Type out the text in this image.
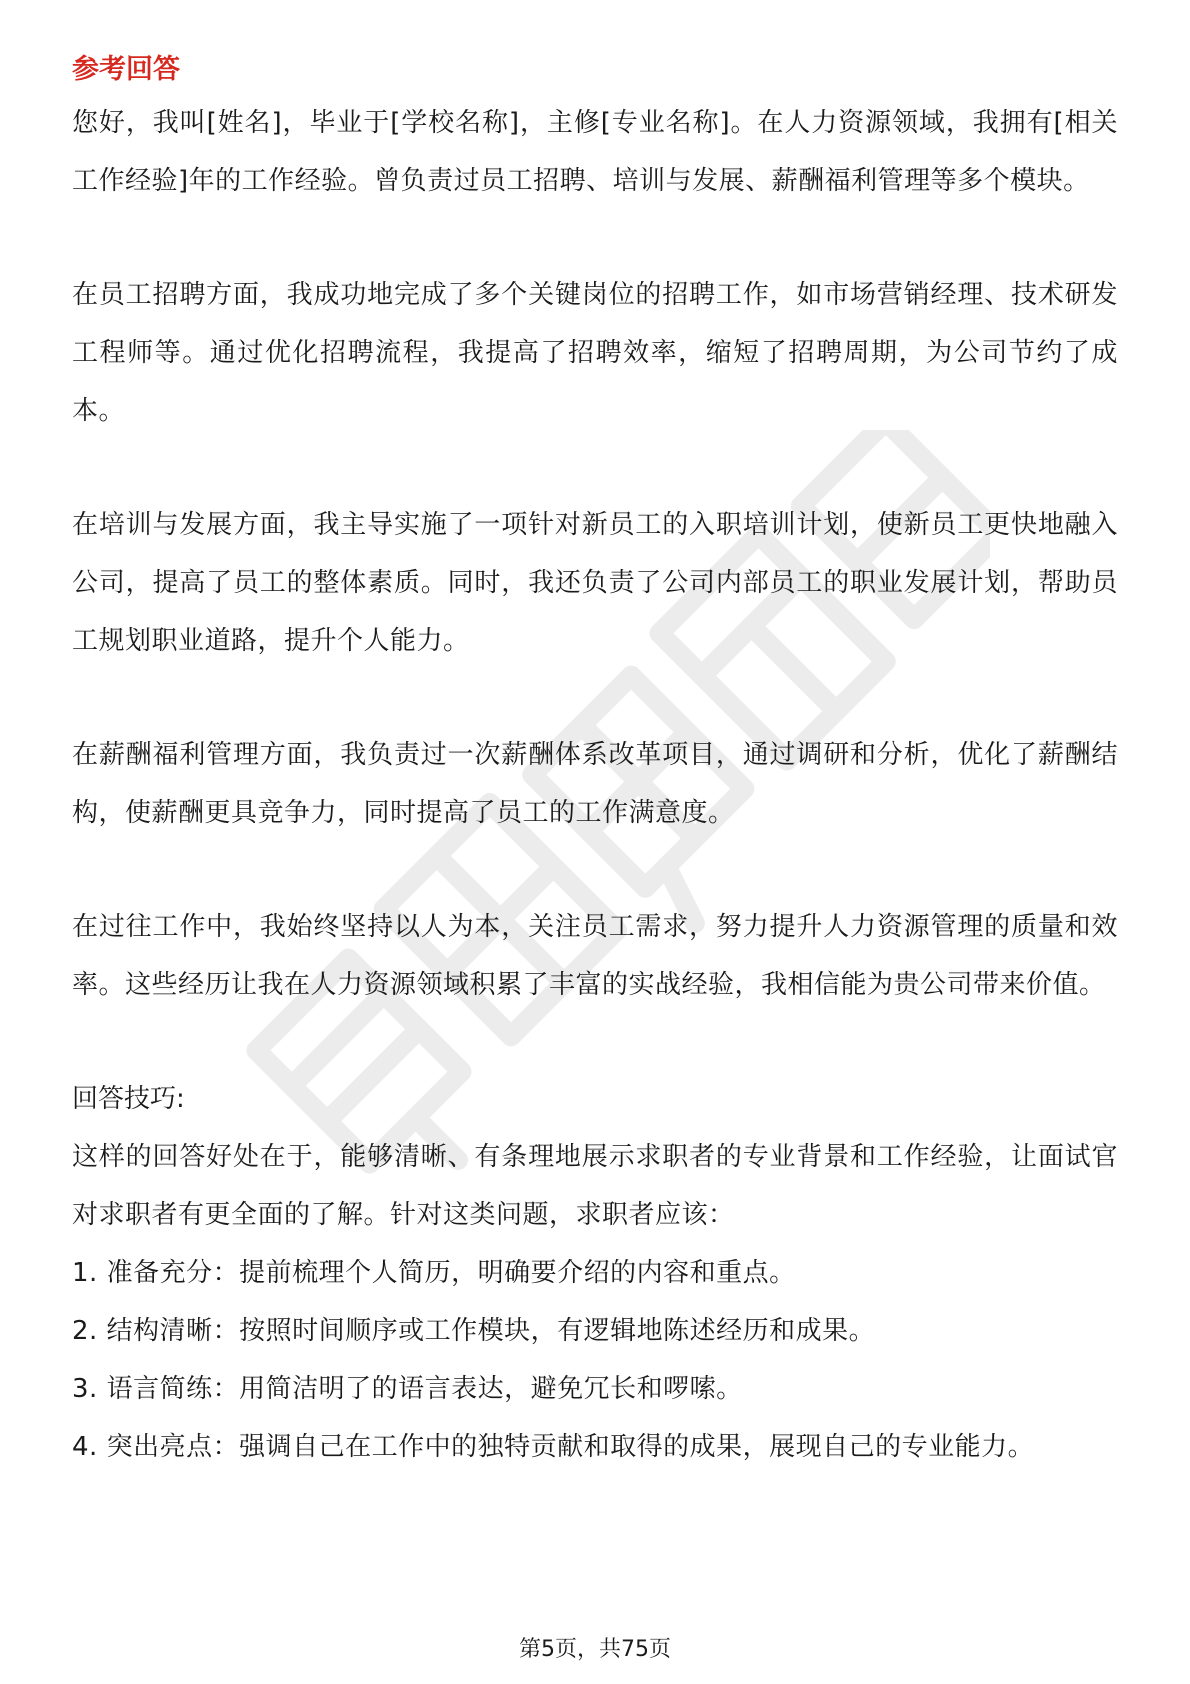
参考回答

您好，我叫[姓名]，毕业于[学校名称]，主修[专业名称]。在人力资源领域，我拥有[相关工作经验]年的工作经验。曾负责过员工招聘、培训与发展、薪酬福利管理等多个模块。

在员工招聘方面，我成功地完成了多个关键岗位的招聘工作，如市场营销经理、技术研发工程师等。通过优化招聘流程，我提高了招聘效率，缩短了招聘周期，为公司节约了成本。

在培训与发展方面，我主导实施了一项针对新员工的入职培训计划，使新员工更快地融入公司，提高了员工的整体素质。同时，我还负责了公司内部员工的职业发展计划，帮助员工规划职业道路，提升个人能力。

在薪酬福利管理方面，我负责过一次薪酬体系改革项目，通过调研和分析，优化了薪酬结构，使薪酬更具竞争力，同时提高了员工的工作满意度。

在过往工作中，我始终坚持以人为本，关注员工需求，努力提升人力资源管理的质量和效率。这些经历让我在人力资源领域积累了丰富的实战经验，我相信能为贵公司带来价值。

回答技巧:

这样的回答好处在于，能够清晰、有条理地展示求职者的专业背景和工作经验，让面试官对求职者有更全面的了解。针对这类问题，求职者应该：

1. 准备充分：提前梳理个人简历，明确要介绍的内容和重点。
2. 结构清晰：按照时间顺序或工作模块，有逻辑地陈述经历和成果。
3. 语言简练：用简洁明了的语言表达，避免冗长和啰嗦。
4. 突出亮点：强调自己在工作中的独特贡献和取得的成果，展现自己的专业能力。
第5页，共75页
